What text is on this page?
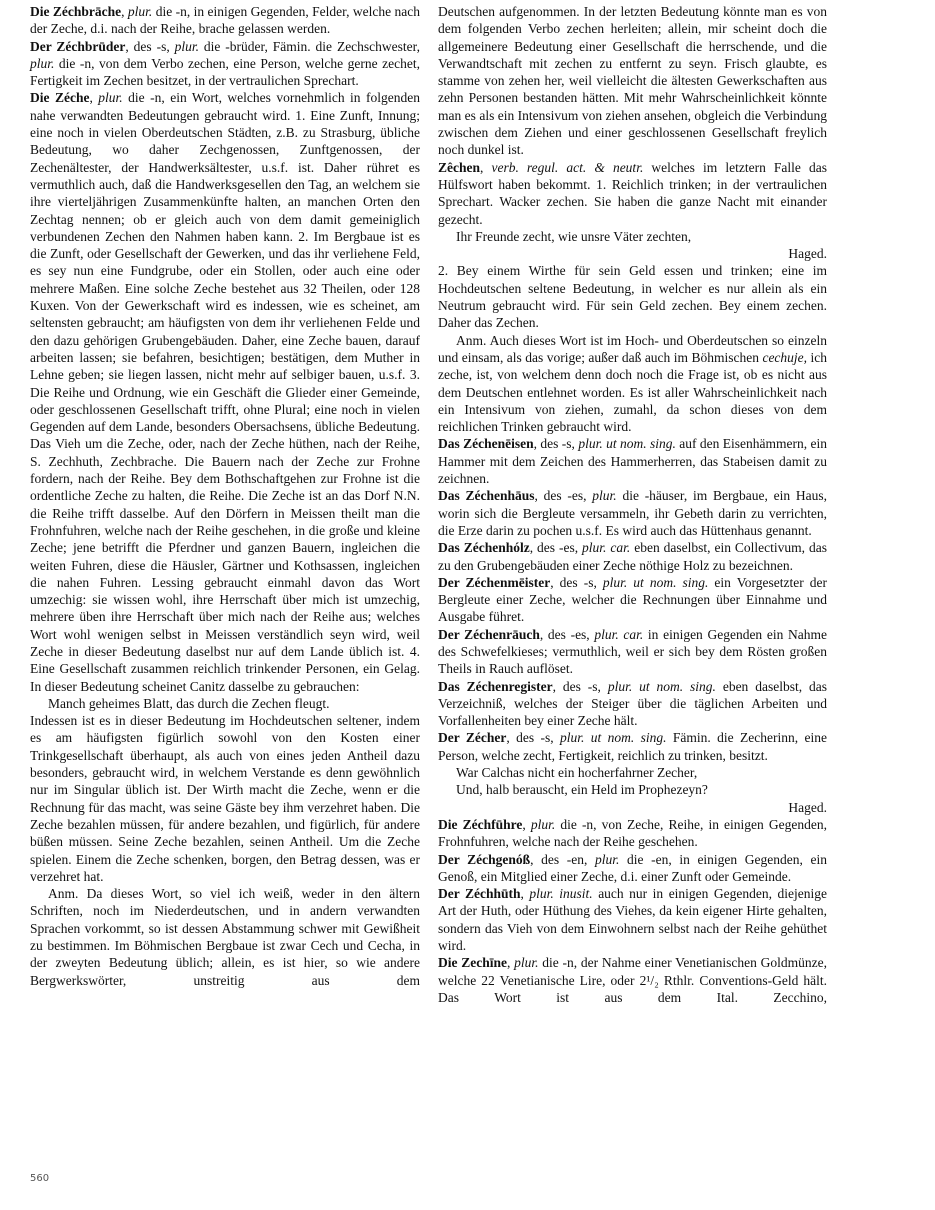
Die Zéchbrāche, plur. die -n, in einigen Gegenden, Felder, welche nach der Zeche, d.i. nach der Reihe, brache gelassen werden.

Der Zéchbrūder, des -s, plur. die -brüder, Fämin. die Zechschwester, plur. die -n, von dem Verbo zechen, eine Person, welche gerne zechet, Fertigkeit im Zechen besitzet, in der vertraulichen Sprechart.

Die Zéche, plur. die -n, ein Wort, welches vornehmlich in folgenden nahe verwandten Bedeutungen gebraucht wird. 1. Eine Zunft, Innung; eine noch in vielen Oberdeutschen Städten, z.B. zu Strasburg, übliche Bedeutung, wo daher Zechgenossen, Zunftgenossen, der Zechenältester, der Handwerksältester, u.s.f. ist. Daher rühret es vermuthlich auch, daß die Handwerksgesellen den Tag, an welchem sie ihre vierteljährigen Zusammenkünfte halten, an manchen Orten den Zechtag nennen; ob er gleich auch von dem damit gemeiniglich verbundenen Zechen den Nahmen haben kann. 2. Im Bergbaue ist es die Zunft, oder Gesellschaft der Gewerken, und das ihr verliehene Feld, es sey nun eine Fundgrube, oder ein Stollen, oder auch eine oder mehrere Maßen. Eine solche Zeche bestehet aus 32 Theilen, oder 128 Kuxen. Von der Gewerkschaft wird es indessen, wie es scheinet, am seltensten gebraucht; am häufigsten von dem ihr verliehenen Felde und den dazu gehörigen Grubengebäuden. Daher, eine Zeche bauen, darauf arbeiten lassen; sie befahren, besichtigen; bestätigen, dem Muther in Lehne geben; sie liegen lassen, nicht mehr auf selbiger bauen, u.s.f. 3. Die Reihe und Ordnung, wie ein Geschäft die Glieder einer Gemeinde, oder geschlossenen Gesellschaft trifft, ohne Plural; eine noch in vielen Gegenden auf dem Lande, besonders Obersachsens, übliche Bedeutung. Das Vieh um die Zeche, oder, nach der Zeche hüthen, nach der Reihe, S. Zechhuth, Zechbrache. Die Bauern nach der Zeche zur Frohne fordern, nach der Reihe. Bey dem Bothschaftgehen zur Frohne ist die ordentliche Zeche zu halten, die Reihe. Die Zeche ist an das Dorf N.N. die Reihe trifft dasselbe. Auf den Dörfern in Meissen theilt man die Frohnfuhren, welche nach der Reihe geschehen, in die große und kleine Zeche; jene betrifft die Pferdner und ganzen Bauern, ingleichen die weiten Fuhren, diese die Häusler, Gärtner und Kothsassen, ingleichen die nahen Fuhren. Lessing gebraucht einmahl davon das Wort umzechig: sie wissen wohl, ihre Herrschaft über mich ist umzechig, mehrere üben ihre Herrschaft über mich nach der Reihe aus; welches Wort wohl wenigen selbst in Meissen verständlich seyn wird, weil Zeche in dieser Bedeutung daselbst nur auf dem Lande üblich ist. 4. Eine Gesellschaft zusammen reichlich trinkender Personen, ein Gelag. In dieser Bedeutung scheinet Canitz dasselbe zu gebrauchen:

Manch geheimes Blatt, das durch die Zechen fleugt.

Indessen ist es in dieser Bedeutung im Hochdeutschen seltener, indem es am häufigsten figürlich sowohl von den Kosten einer Trinkgesellschaft überhaupt, als auch von eines jeden Antheil dazu besonders, gebraucht wird, in welchem Verstande es denn gewöhnlich nur im Singular üblich ist. Der Wirth macht die Zeche, wenn er die Rechnung für das macht, was seine Gäste bey ihm verzehret haben. Die Zeche bezahlen müssen, für andere bezahlen, und figürlich, für andere büßen müssen. Seine Zeche bezahlen, seinen Antheil. Um die Zeche spielen. Einem die Zeche schenken, borgen, den Betrag dessen, was er verzehret hat.

Anm. Da dieses Wort, so viel ich weiß, weder in den ältern Schriften, noch im Niederdeutschen, und in andern verwandten Sprachen vorkommt, so ist dessen Abstammung schwer mit Gewißheit zu bestimmen. Im Böhmischen Bergbaue ist zwar Cech und Cecha, in der zweyten Bedeutung üblich; allein, es ist hier, so wie andere Bergwerkswörter, unstreitig aus dem

Deutschen aufgenommen. In der letzten Bedeutung könnte man es von dem folgenden Verbo zechen herleiten; allein, mir scheint doch die allgemeinere Bedeutung einer Gesellschaft die herrschende, und die Verwandtschaft mit zechen zu entfernt zu seyn. Frisch glaubte, es stamme von zehen her, weil vielleicht die ältesten Gewerkschaften aus zehn Personen bestanden hätten. Mit mehr Wahrscheinlichkeit könnte man es als ein Intensivum von ziehen ansehen, obgleich die Verbindung zwischen dem Ziehen und einer geschlossenen Gesellschaft freylich noch dunkel ist.

Zêchen, verb. regul. act. & neutr. welches im letztern Falle das Hülfswort haben bekommt. 1. Reichlich trinken; in der vertraulichen Sprechart. Wacker zechen. Sie haben die ganze Nacht mit einander gezecht.

Ihr Freunde zecht, wie unsre Väter zechten,

Haged.

2. Bey einem Wirthe für sein Geld essen und trinken; eine im Hochdeutschen seltene Bedeutung, in welcher es nur allein als ein Neutrum gebraucht wird. Für sein Geld zechen. Bey einem zechen. Daher das Zechen.

Anm. Auch dieses Wort ist im Hoch- und Oberdeutschen so einzeln und einsam, als das vorige; außer daß auch im Böhmischen cechuje, ich zeche, ist, von welchem denn doch noch die Frage ist, ob es nicht aus dem Deutschen entlehnet worden. Es ist aller Wahrscheinlichkeit nach ein Intensivum von ziehen, zumahl, da schon dieses von dem reichlichen Trinken gebraucht wird.

Das Zéchenēisen, des -s, plur. ut nom. sing. auf den Eisenhämmern, ein Hammer mit dem Zeichen des Hammerherren, das Stabeisen damit zu zeichnen.

Das Zéchenhāus, des -es, plur. die -häuser, im Bergbaue, ein Haus, worin sich die Bergleute versammeln, ihr Gebeth darin zu verrichten, die Erze darin zu pochen u.s.f. Es wird auch das Hüttenhaus genannt.

Das Zéchenhólz, des -es, plur. car. eben daselbst, ein Collectivum, das zu den Grubengebäuden einer Zeche nöthige Holz zu bezeichnen.

Der Zéchenmēister, des -s, plur. ut nom. sing. ein Vorgesetzter der Bergleute einer Zeche, welcher die Rechnungen über Einnahme und Ausgabe führet.

Der Zéchenrāuch, des -es, plur. car. in einigen Gegenden ein Nahme des Schwefelkieses; vermuthlich, weil er sich bey dem Rösten großen Theils in Rauch auflöset.

Das Zéchenregister, des -s, plur. ut nom. sing. eben daselbst, das Verzeichniß, welches der Steiger über die täglichen Arbeiten und Vorfallenheiten bey einer Zeche hält.

Der Zécher, des -s, plur. ut nom. sing. Fämin. die Zecherinn, eine Person, welche zecht, Fertigkeit, reichlich zu trinken, besitzt.

War Calchas nicht ein hocherfahrner Zecher,

Und, halb berauscht, ein Held im Prophezeyn?

Haged.

Die Zéchfūhre, plur. die -n, von Zeche, Reihe, in einigen Gegenden, Frohnfuhren, welche nach der Reihe geschehen.

Der Zéchgenóß, des -en, plur. die -en, in einigen Gegenden, ein Genoß, ein Mitglied einer Zeche, d.i. einer Zunft oder Gemeinde.

Der Zéchhūth, plur. inusit. auch nur in einigen Gegenden, diejenige Art der Huth, oder Hüthung des Viehes, da kein eigener Hirte gehalten, sondern das Vieh von dem Einwohnern selbst nach der Reihe gehüthet wird.

Die Zechīne, plur. die -n, der Nahme einer Venetianischen Goldmünze, welche 22 Venetianische Lire, oder 2¹/₂ Rthlr. Conventions-Geld hält. Das Wort ist aus dem Ital. Zecchino,

560
